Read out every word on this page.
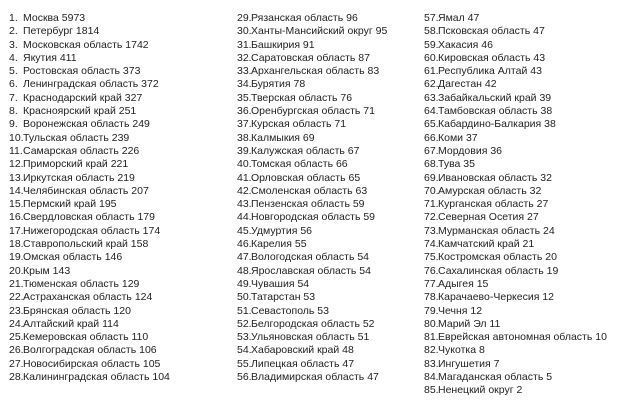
1. Москва 5973
2. Петербург 1814
3. Московская область 1742
4. Якутия 411
5. Ростовская область 373
6. Ленинградская область 372
7. Краснодарский край 327
8. Красноярский край 251
9. Воронежская область 249
10. Тульская область 239
11. Самарская область 226
12. Приморский край 221
13. Иркутская область 219
14. Челябинская область 207
15. Пермский край 195
16. Свердловская область 179
17. Нижегородская область 174
18. Ставропольский край 158
19. Омская область 146
20. Крым 143
21. Тюменская область 129
22. Астраханская область 124
23. Брянская область 120
24. Алтайский край 114
25. Кемеровская область 110
26. Волгоградская область 106
27. Новосибирская область 105
28. Калининградская область 104
29. Рязанская область 96
30. Ханты-Мансийский округ 95
31. Башкирия 91
32. Саратовская область 87
33. Архангельская область 83
34. Бурятия 78
35. Тверская область 76
36. Оренбургская область 71
37. Курская область 71
38. Калмыкия 69
39. Калужская область 67
40. Томская область 66
41. Орловская область 65
42. Смоленская область 63
43. Пензенская область 59
44. Новгородская область 59
45. Удмуртия 56
46. Карелия 55
47. Вологодская область 54
48. Ярославская область 54
49. Чувашия 54
50. Татарстан 53
51. Севастополь 53
52. Белгородская область 52
53. Ульяновская область 51
54. Хабаровский край 48
55. Липецкая область 47
56. Владимирская область 47
57. Ямал 47
58. Псковская область 47
59. Хакасия 46
60. Кировская область 43
61. Республика Алтай 43
62. Дагестан 42
63. Забайкальский край 39
64. Тамбовская область 38
65. Кабардино-Балкария 38
66. Коми 37
67. Мордовия 36
68. Тува 35
69. Ивановская область 32
70. Амурская область 32
71. Курганская область 27
72. Северная Осетия 27
73. Мурманская область 24
74. Камчатский край 21
75. Костромская область 20
76. Сахалинская область 19
77. Адыгея 15
78. Карачаево-Черкесия 12
79. Чечня 12
80. Марий Эл 11
81. Еврейская автономная область 10
82. Чукотка 8
83. Ингушетия 7
84. Магаданская область 5
85. Ненецкий округ 2
